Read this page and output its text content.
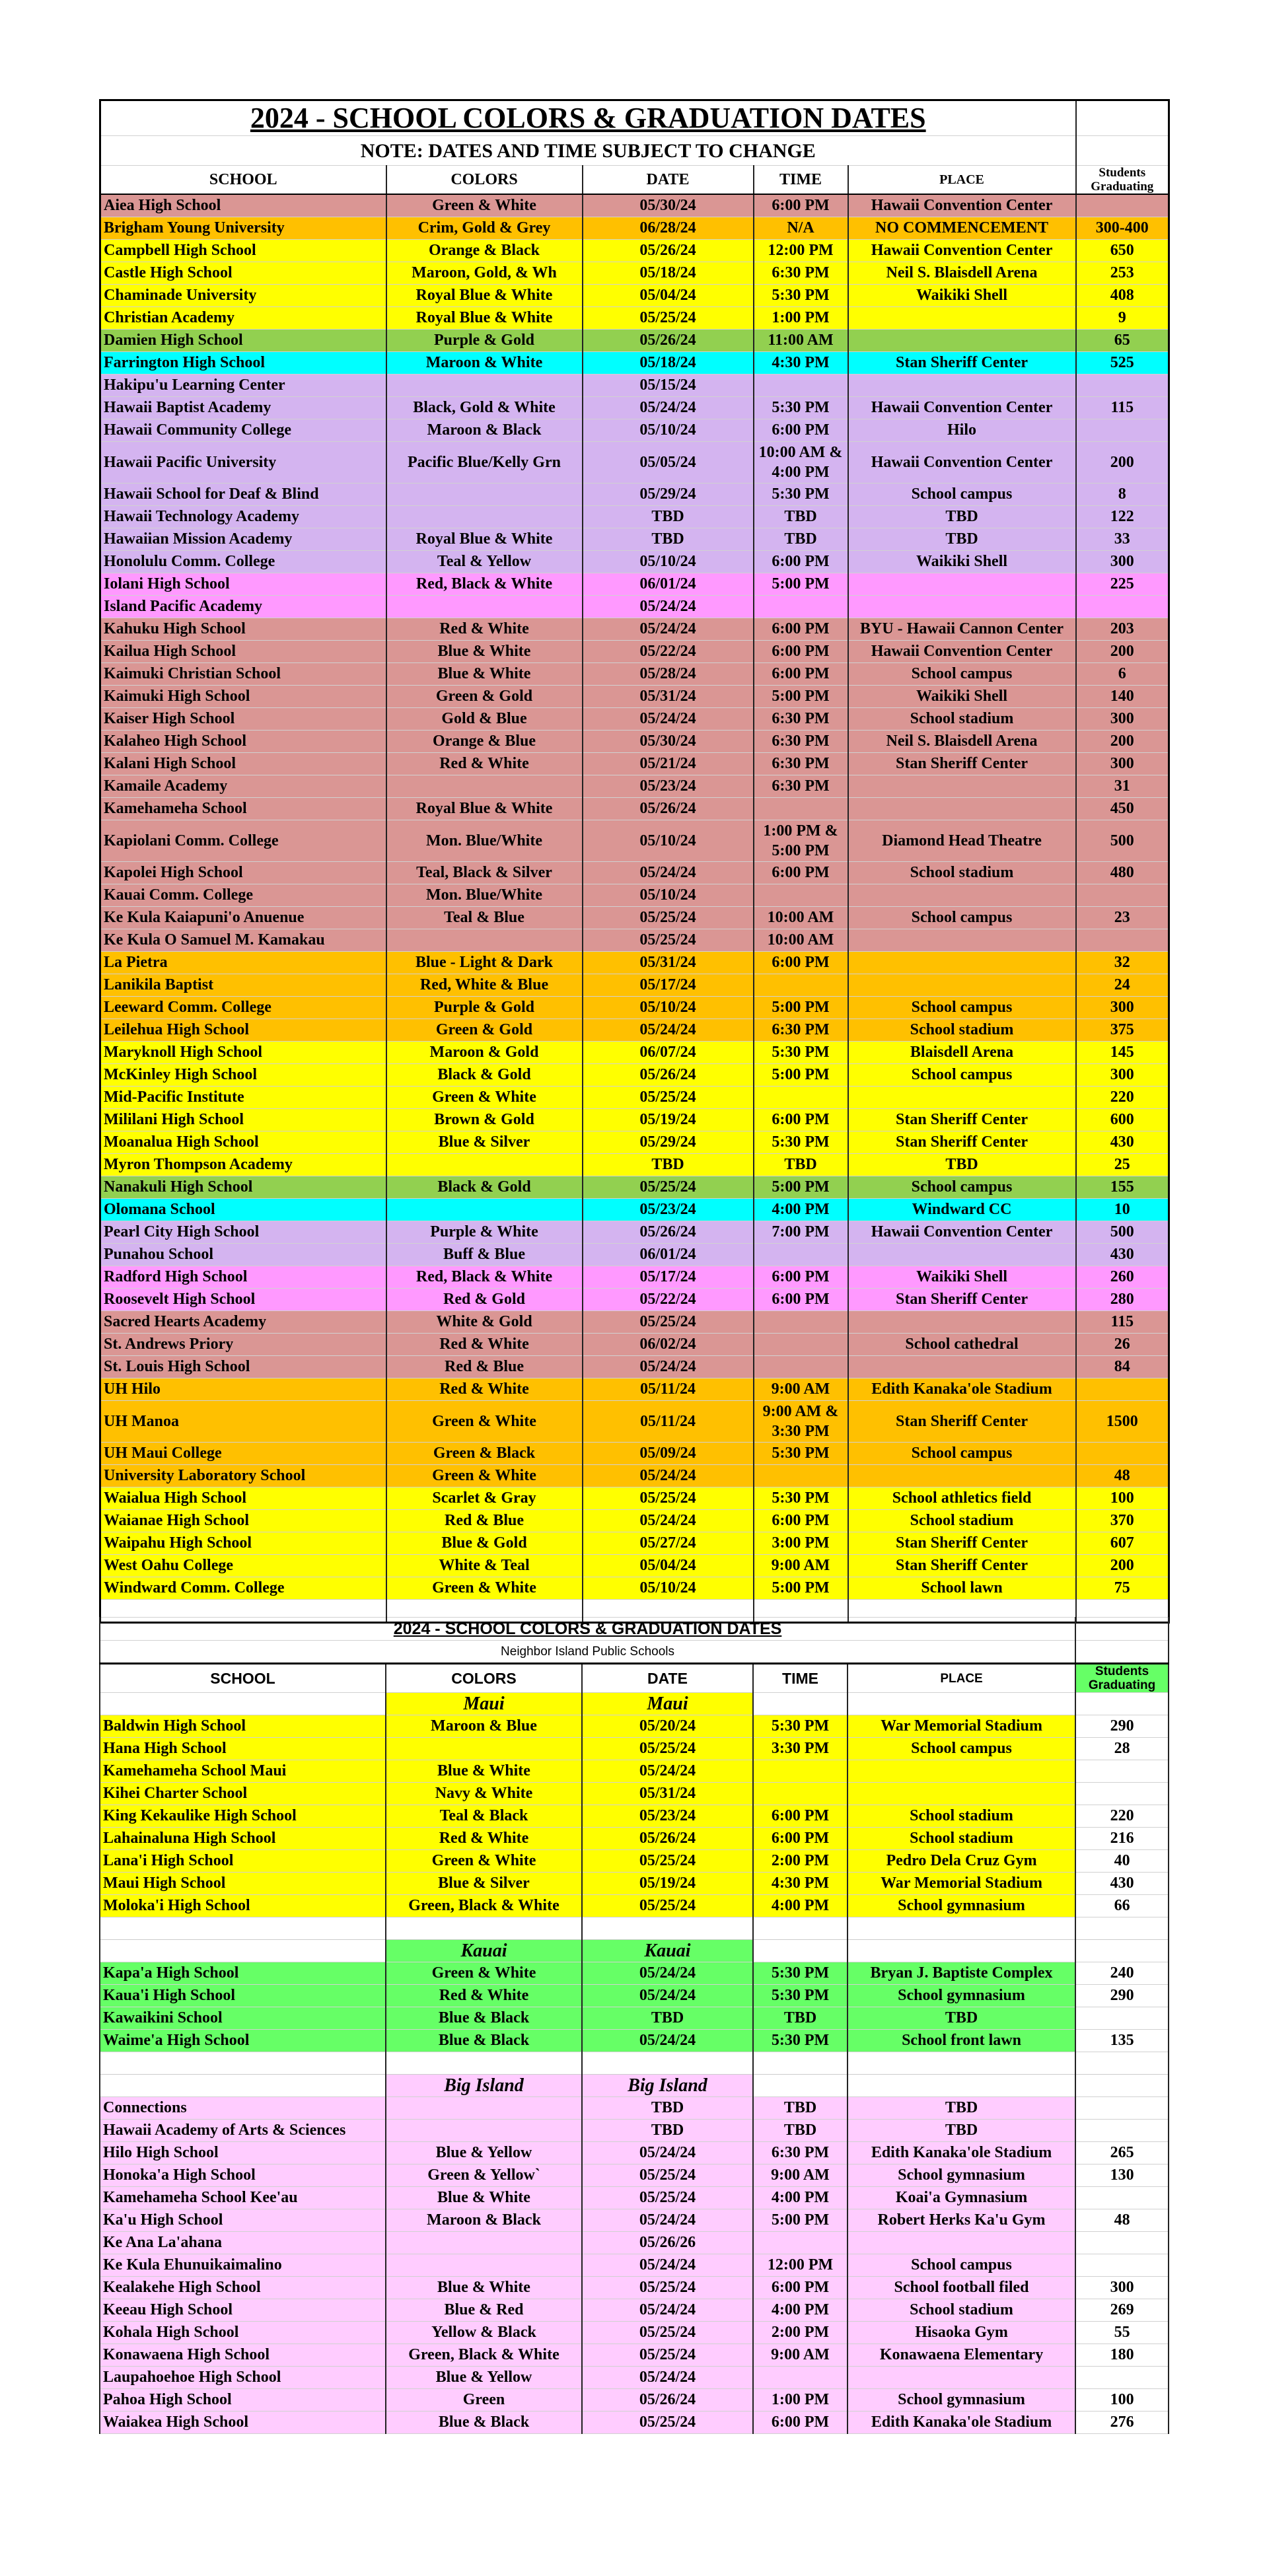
2024 - SCHOOL COLORS & GRADUATION DATES					
NOTE: DATES AND TIME SUBJECT TO CHANGE					
SCHOOL	COLORS	DATE	TIME	PLACE	Students Graduating
Aiea High School	Green & White	05/30/24	6:00 PM	Hawaii Convention Center	
Brigham Young University	Crim, Gold & Grey	06/28/24	N/A	NO COMMENCEMENT	300-400
Campbell High School	Orange & Black	05/26/24	12:00 PM	Hawaii Convention Center	650
Castle High School	Maroon, Gold, & Wh	05/18/24	6:30 PM	Neil S. Blaisdell Arena	253
Chaminade University	Royal Blue & White	05/04/24	5:30 PM	Waikiki Shell	408
Christian Academy	Royal Blue & White	05/25/24	1:00 PM		9
Damien High School	Purple & Gold	05/26/24	11:00 AM		65
Farrington High School	Maroon & White	05/18/24	4:30 PM	Stan Sheriff Center	525
Hakipu'u Learning Center		05/15/24			
Hawaii Baptist Academy	Black, Gold & White	05/24/24	5:30 PM	Hawaii Convention Center	115
Hawaii Community College	Maroon & Black	05/10/24	6:00 PM	Hilo	
Hawaii Pacific University	Pacific Blue/Kelly Grn	05/05/24	10:00 AM & 4:00 PM	Hawaii Convention Center	200
Hawaii School for Deaf & Blind		05/29/24	5:30 PM	School campus	8
Hawaii Technology Academy		TBD	TBD	TBD	122
Hawaiian Mission Academy	Royal Blue & White	TBD	TBD	TBD	33
Honolulu Comm. College	Teal & Yellow	05/10/24	6:00 PM	Waikiki Shell	300
Iolani High School	Red, Black & White	06/01/24	5:00 PM		225
Island Pacific Academy		05/24/24			
Kahuku High School	Red & White	05/24/24	6:00 PM	BYU - Hawaii Cannon Center	203
Kailua High School	Blue & White	05/22/24	6:00 PM	Hawaii Convention Center	200
Kaimuki Christian School	Blue & White	05/28/24	6:00 PM	School campus	6
Kaimuki High School	Green & Gold	05/31/24	5:00 PM	Waikiki Shell	140
Kaiser High School	Gold & Blue	05/24/24	6:30 PM	School stadium	300
Kalaheo High School	Orange & Blue	05/30/24	6:30 PM	Neil S. Blaisdell Arena	200
Kalani High School	Red & White	05/21/24	6:30 PM	Stan Sheriff Center	300
Kamaile Academy		05/23/24	6:30 PM		31
Kamehameha School	Royal Blue & White	05/26/24			450
Kapiolani Comm. College	Mon. Blue/White	05/10/24	1:00 PM & 5:00 PM	Diamond Head Theatre	500
Kapolei High School	Teal, Black & Silver	05/24/24	6:00 PM	School stadium	480
Kauai Comm. College	Mon. Blue/White	05/10/24			
Ke Kula Kaiapuni'o Anuenue	Teal & Blue	05/25/24	10:00 AM	School campus	23
Ke Kula O Samuel M. Kamakau		05/25/24	10:00 AM		
La Pietra	Blue - Light & Dark	05/31/24	6:00 PM		32
Lanikila Baptist	Red, White & Blue	05/17/24			24
Leeward Comm. College	Purple & Gold	05/10/24	5:00 PM	School campus	300
Leilehua High School	Green & Gold	05/24/24	6:30 PM	School stadium	375
Maryknoll High School	Maroon & Gold	06/07/24	5:30 PM	Blaisdell Arena	145
McKinley High School	Black & Gold	05/26/24	5:00 PM	School campus	300
Mid-Pacific Institute	Green & White	05/25/24			220
Mililani High School	Brown & Gold	05/19/24	6:00 PM	Stan Sheriff Center	600
Moanalua High School	Blue & Silver	05/29/24	5:30 PM	Stan Sheriff Center	430
Myron Thompson Academy		TBD	TBD	TBD	25
Nanakuli High School	Black & Gold	05/25/24	5:00 PM	School campus	155
Olomana School		05/23/24	4:00 PM	Windward CC	10
Pearl City High School	Purple & White	05/26/24	7:00 PM	Hawaii Convention Center	500
Punahou School	Buff & Blue	06/01/24			430
Radford High School	Red, Black & White	05/17/24	6:00 PM	Waikiki Shell	260
Roosevelt High School	Red & Gold	05/22/24	6:00 PM	Stan Sheriff Center	280
Sacred Hearts Academy	White & Gold	05/25/24			115
St. Andrews Priory	Red & White	06/02/24		School cathedral	26
St. Louis High School	Red & Blue	05/24/24			84
UH Hilo	Red & White	05/11/24	9:00 AM	Edith Kanaka'ole Stadium	
UH Manoa	Green & White	05/11/24	9:00 AM & 3:30 PM	Stan Sheriff Center	1500
UH Maui College	Green & Black	05/09/24	5:30 PM	School campus	
University Laboratory School	Green & White	05/24/24			48
Waialua High School	Scarlet & Gray	05/25/24	5:30 PM	School athletics field	100
Waianae High School	Red & Blue	05/24/24	6:00 PM	School stadium	370
Waipahu High School	Blue & Gold	05/27/24	3:00 PM	Stan Sheriff Center	607
West Oahu College	White & Teal	05/04/24	9:00 AM	Stan Sheriff Center	200
Windward Comm. College	Green & White	05/10/24	5:00 PM	School lawn	75

2024 - SCHOOL COLORS & GRADUATION DATES					
Neighbor Island Public Schools					
SCHOOL	COLORS	DATE	TIME	PLACE	Students Graduating
	Maui	Maui			
Baldwin High School	Maroon & Blue	05/20/24	5:30 PM	War Memorial Stadium	290
Hana High School		05/25/24	3:30 PM	School campus	28
Kamehameha School Maui	Blue & White	05/24/24			
Kihei Charter School	Navy & White	05/31/24			
King Kekaulike High School	Teal & Black	05/23/24	6:00 PM	School stadium	220
Lahainaluna High School	Red & White	05/26/24	6:00 PM	School stadium	216
Lana'i High School	Green & White	05/25/24	2:00 PM	Pedro Dela Cruz Gym	40
Maui High School	Blue & Silver	05/19/24	4:30 PM	War Memorial Stadium	430
Moloka'i High School	Green, Black & White	05/25/24	4:00 PM	School gymnasium	66

	Kauai	Kauai			
Kapa'a High School	Green & White	05/24/24	5:30 PM	Bryan J. Baptiste Complex	240
Kaua'i High School	Red & White	05/24/24	5:30 PM	School gymnasium	290
Kawaikini School	Blue & Black	TBD	TBD	TBD	
Waime'a High School	Blue & Black	05/24/24	5:30 PM	School front lawn	135

	Big Island	Big Island			
Connections		TBD	TBD	TBD	
Hawaii Academy of Arts & Sciences		TBD	TBD	TBD	
Hilo High School	Blue & Yellow	05/24/24	6:30 PM	Edith Kanaka'ole Stadium	265
Honoka'a High School	Green & Yellow`	05/25/24	9:00 AM	School gymnasium	130
Kamehameha School Kee'au	Blue & White	05/25/24	4:00 PM	Koai'a Gymnasium	
Ka'u High School	Maroon & Black	05/24/24	5:00 PM	Robert Herks Ka'u Gym	48
Ke Ana La'ahana		05/26/26			
Ke Kula Ehunuikaimalino		05/24/24	12:00 PM	School campus	
Kealakehe High School	Blue & White	05/25/24	6:00 PM	School football filed	300
Keeau High School	Blue & Red	05/24/24	4:00 PM	School stadium	269
Kohala High School	Yellow & Black	05/25/24	2:00 PM	Hisaoka Gym	55
Konawaena High School	Green, Black & White	05/25/24	9:00 AM	Konawaena Elementary	180
Laupahoehoe High School	Blue & Yellow	05/24/24			
Pahoa High School	Green	05/26/24	1:00 PM	School gymnasium	100
Waiakea High School	Blue & Black	05/25/24	6:00 PM	Edith Kanaka'ole Stadium	276
